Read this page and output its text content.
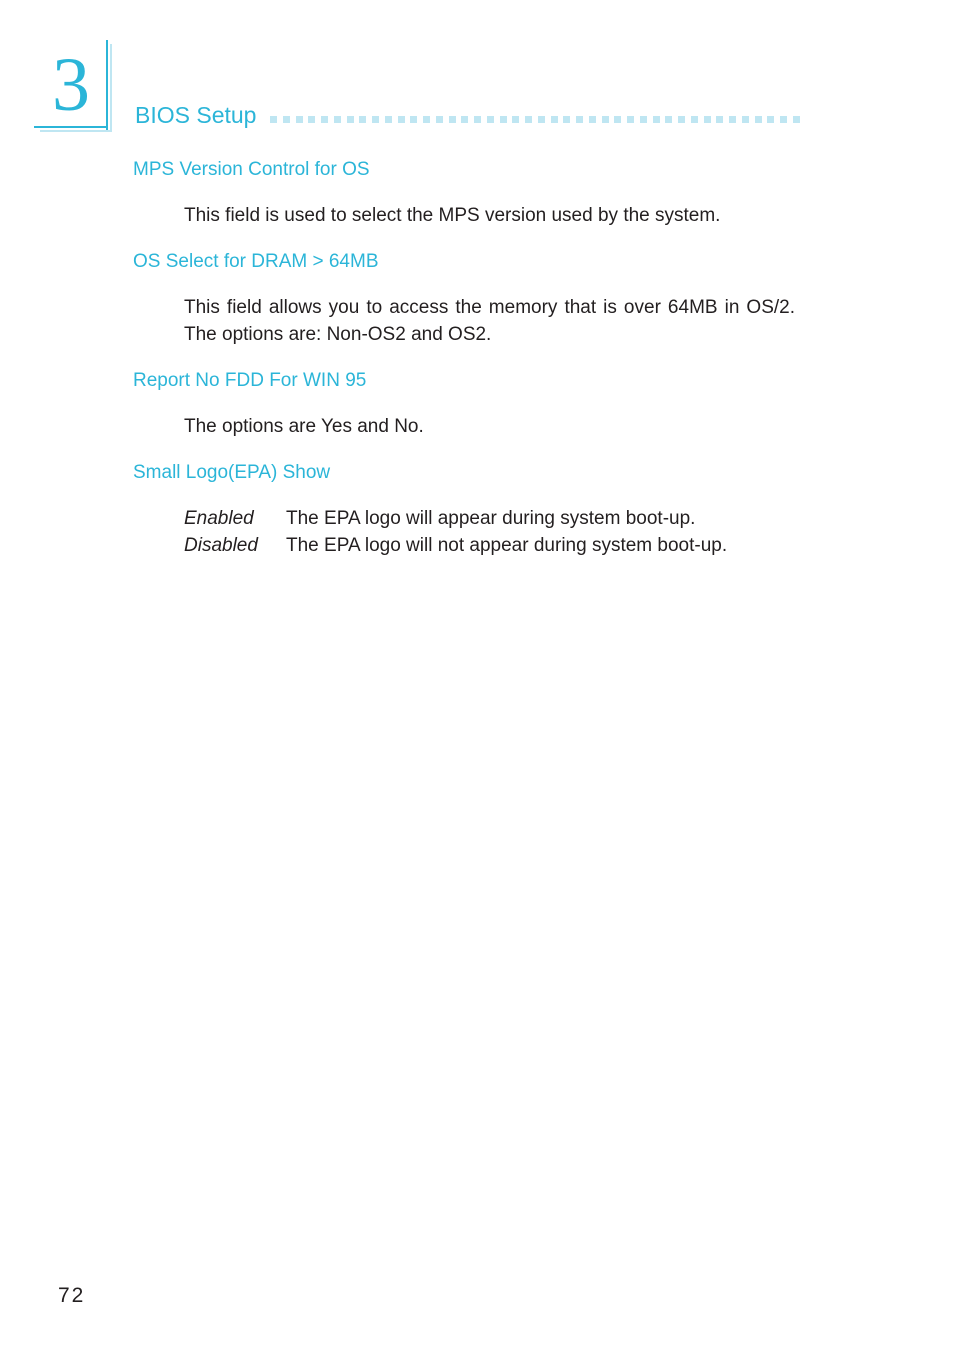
3 BIOS Setup
MPS Version Control for OS
This field is used to select the MPS version used by the system.
OS Select for DRAM > 64MB
This field allows you to access the memory that is over 64MB in OS/2. The options are: Non-OS2 and OS2.
Report No FDD For WIN 95
The options are Yes and No.
Small Logo(EPA) Show
Enabled The EPA logo will appear during system boot-up.
Disabled The EPA logo will not appear during system boot-up.
72
